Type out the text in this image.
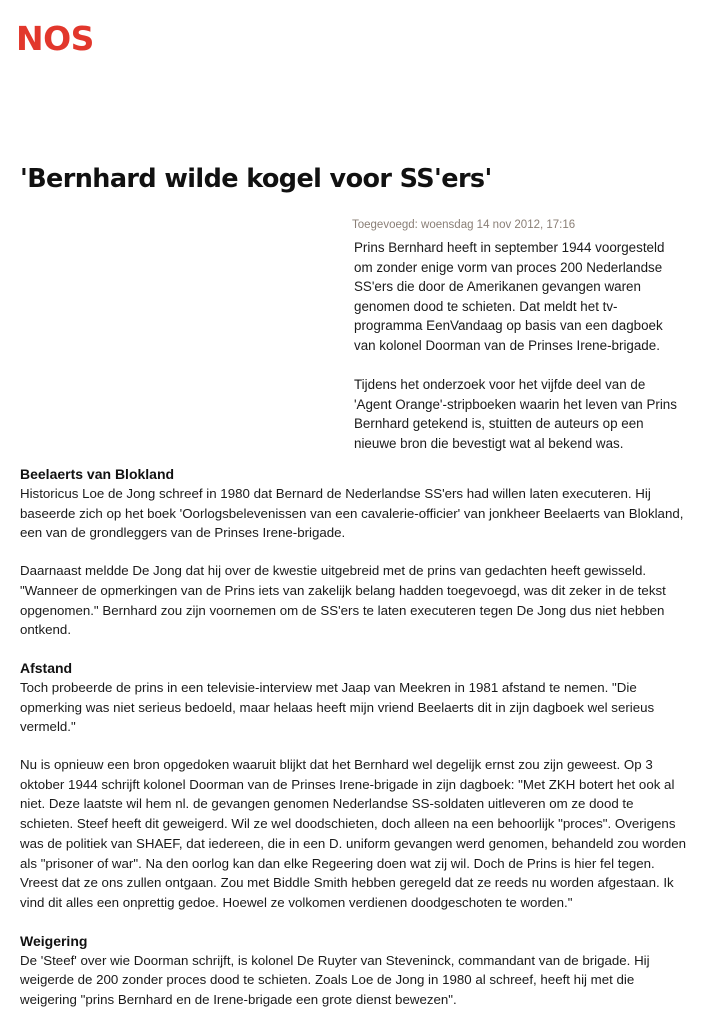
NOS
'Bernhard wilde kogel voor SS'ers'
Toegevoegd: woensdag 14 nov 2012, 17:16

Prins Bernhard heeft in september 1944 voorgesteld om zonder enige vorm van proces 200 Nederlandse SS'ers die door de Amerikanen gevangen waren genomen dood te schieten. Dat meldt het tv-programma EenVandaag op basis van een dagboek van kolonel Doorman van de Prinses Irene-brigade.

Tijdens het onderzoek voor het vijfde deel van de 'Agent Orange'-stripboeken waarin het leven van Prins Bernhard getekend is, stuitten de auteurs op een nieuwe bron die bevestigt wat al bekend was.

Beelaerts van Blokland

Historicus Loe de Jong schreef in 1980 dat Bernard de Nederlandse SS'ers had willen laten executeren. Hij baseerde zich op het boek 'Oorlogsbelevenissen van een cavalerie-officier' van jonkheer Beelaerts van Blokland, een van de grondleggers van de Prinses Irene-brigade.

Daarnaast meldde De Jong dat hij over de kwestie uitgebreid met de prins van gedachten heeft gewisseld. "Wanneer de opmerkingen van de Prins iets van zakelijk belang hadden toegevoegd, was dit zeker in de tekst opgenomen." Bernhard zou zijn voornemen om de SS'ers te laten executeren tegen De Jong dus niet hebben ontkend.

Afstand

Toch probeerde de prins in een televisie-interview met Jaap van Meekren in 1981 afstand te nemen. "Die opmerking was niet serieus bedoeld, maar helaas heeft mijn vriend Beelaerts dit in zijn dagboek wel serieus vermeld."

Nu is opnieuw een bron opgedoken waaruit blijkt dat het Bernhard wel degelijk ernst zou zijn geweest. Op 3 oktober 1944 schrijft kolonel Doorman van de Prinses Irene-brigade in zijn dagboek: "Met ZKH botert het ook al niet. Deze laatste wil hem nl. de gevangen genomen Nederlandse SS-soldaten uitleveren om ze dood te schieten. Steef heeft dit geweigerd. Wil ze wel doodschieten, doch alleen na een behoorlijk "proces". Overigens was de politiek van SHAEF, dat iedereen, die in een D. uniform gevangen werd genomen, behandeld zou worden als "prisoner of war". Na den oorlog kan dan elke Regeering doen wat zij wil. Doch de Prins is hier fel tegen. Vreest dat ze ons zullen ontgaan. Zou met Biddle Smith hebben geregeld dat ze reeds nu worden afgestaan. Ik vind dit alles een onprettig gedoe. Hoewel ze volkomen verdienen doodgeschoten te worden."

Weigering

De 'Steef' over wie Doorman schrijft, is kolonel De Ruyter van Steveninck, commandant van de brigade. Hij weigerde de 200 zonder proces dood te schieten. Zoals Loe de Jong in 1980 al schreef, heeft hij met die weigering "prins Bernhard en de Irene-brigade een grote dienst bewezen".
